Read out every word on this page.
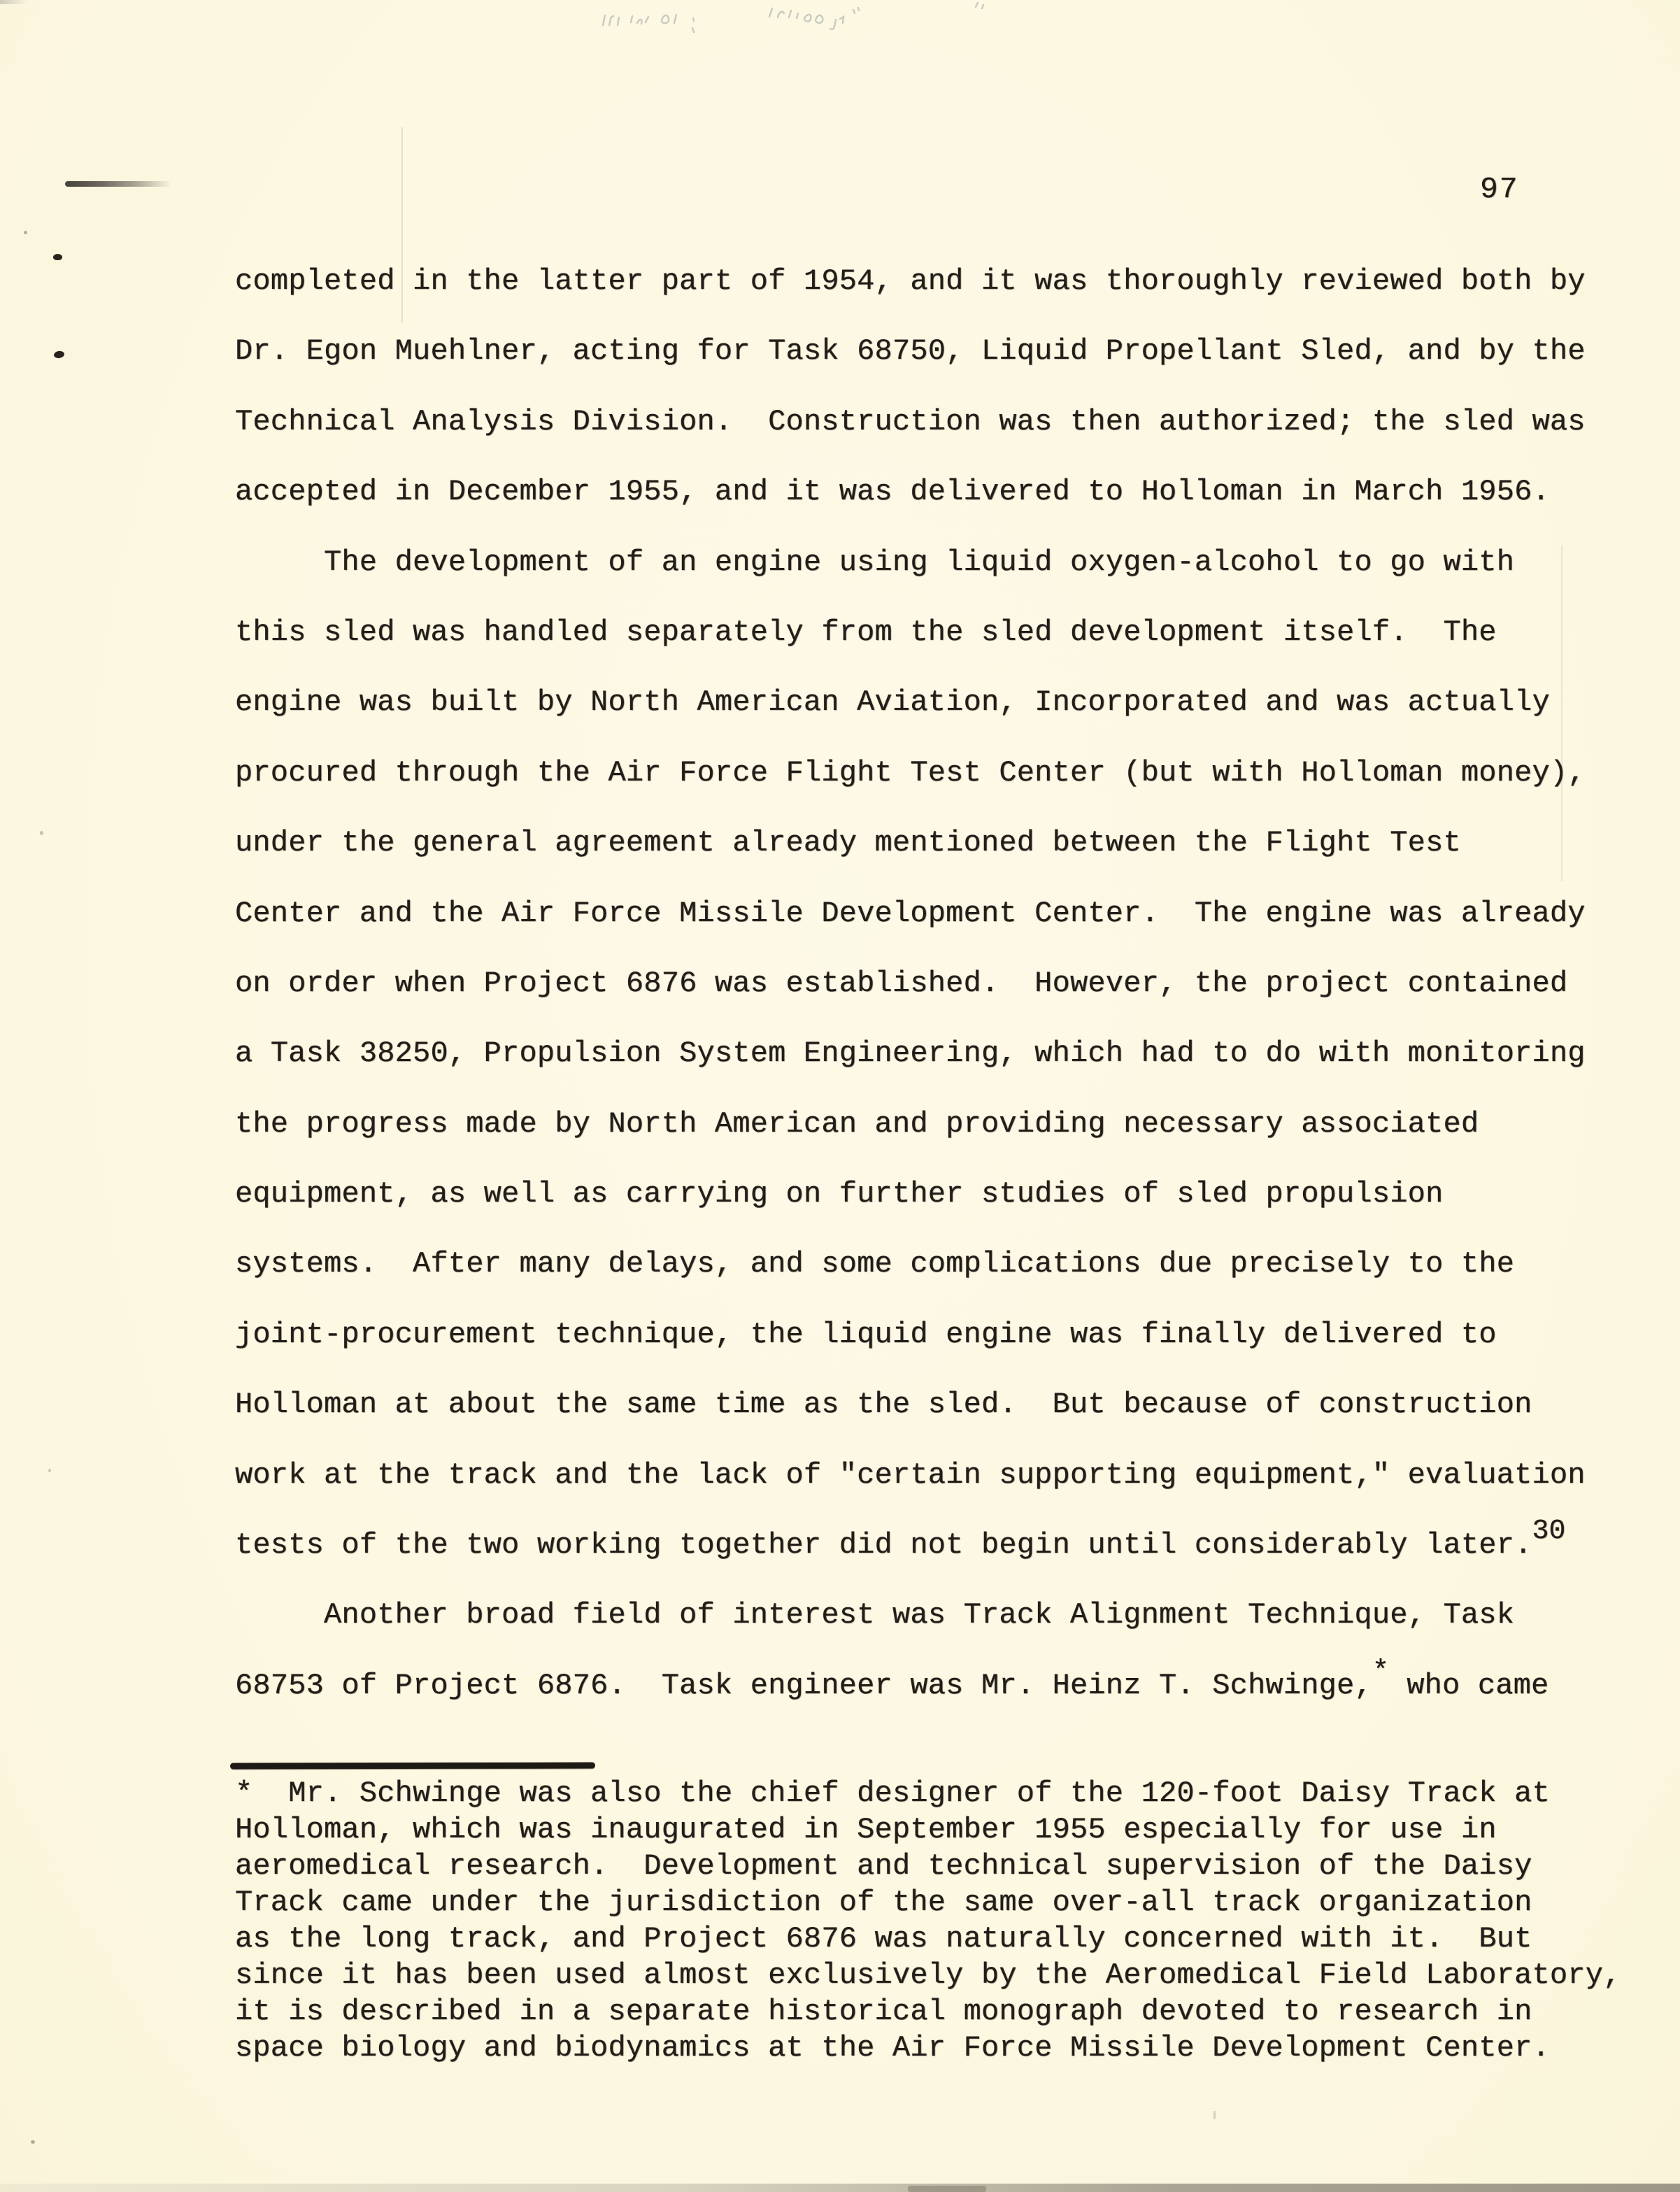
97
completed in the latter part of 1954, and it was thoroughly reviewed both by
Dr. Egon Muehlner, acting for Task 68750, Liquid Propellant Sled, and by the
Technical Analysis Division.  Construction was then authorized; the sled was
accepted in December 1955, and it was delivered to Holloman in March 1956.
The development of an engine using liquid oxygen-alcohol to go with
this sled was handled separately from the sled development itself.  The
engine was built by North American Aviation, Incorporated and was actually
procured through the Air Force Flight Test Center (but with Holloman money),
under the general agreement already mentioned between the Flight Test
Center and the Air Force Missile Development Center.  The engine was already
on order when Project 6876 was established.  However, the project contained
a Task 38250, Propulsion System Engineering, which had to do with monitoring
the progress made by North American and providing necessary associated
equipment, as well as carrying on further studies of sled propulsion
systems.  After many delays, and some complications due precisely to the
joint-procurement technique, the liquid engine was finally delivered to
Holloman at about the same time as the sled.  But because of construction
work at the track and the lack of "certain supporting equipment," evaluation
tests of the two working together did not begin until considerably later.30
Another broad field of interest was Track Alignment Technique, Task
68753 of Project 6876.  Task engineer was Mr. Heinz T. Schwinge,* who came
*  Mr. Schwinge was also the chief designer of the 120-foot Daisy Track at
Holloman, which was inaugurated in September 1955 especially for use in
aeromedical research.  Development and technical supervision of the Daisy
Track came under the jurisdiction of the same over-all track organization
as the long track, and Project 6876 was naturally concerned with it.  But
since it has been used almost exclusively by the Aeromedical Field Laboratory,
it is described in a separate historical monograph devoted to research in
space biology and biodynamics at the Air Force Missile Development Center.
